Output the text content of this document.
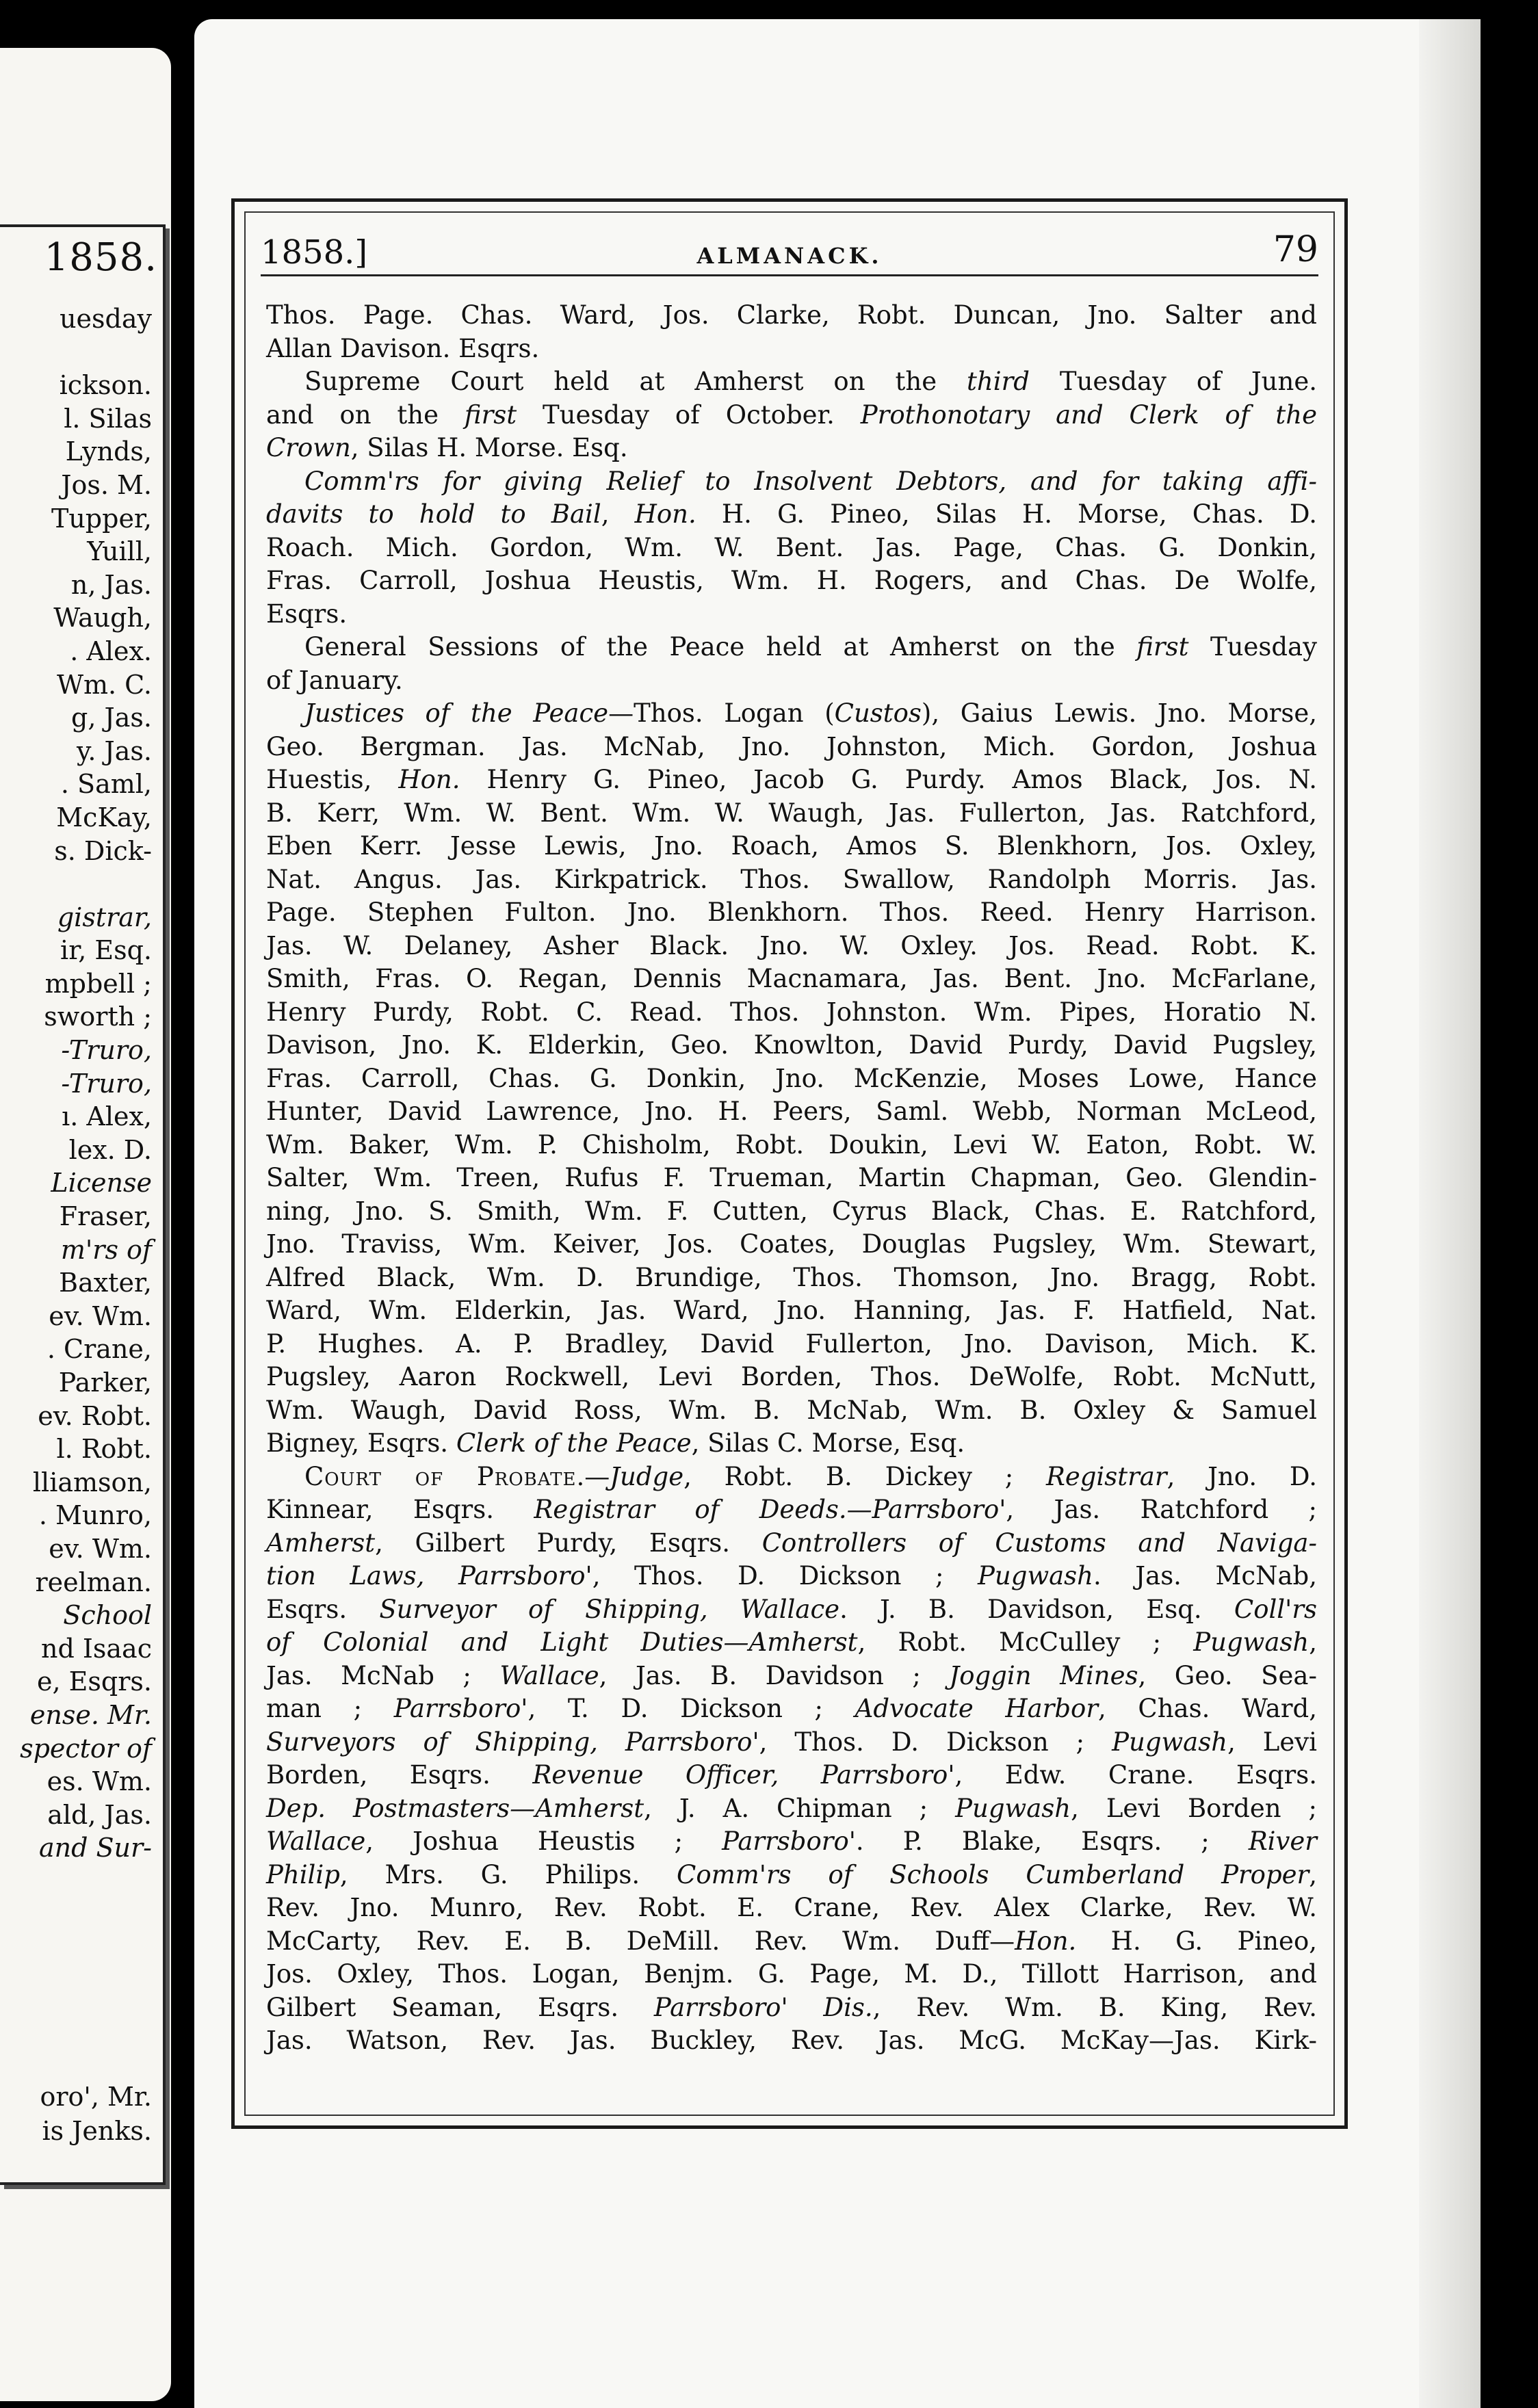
1858.
uesday
ickson.
l. Silas
Lynds,
Jos. M.
Tupper,
Yuill,
n, Jas.
Waugh,
. Alex.
Wm. C.
g, Jas.
y. Jas.
. Saml,
McKay,
s. Dick-
gistrar,
ir, Esq.
mpbell ;
sworth ;
-Truro,
-Truro,
ı. Alex,
lex. D.
License
Fraser,
m'rs of
Baxter,
ev. Wm.
. Crane,
Parker,
ev. Robt.
l. Robt.
lliamson,
. Munro,
ev. Wm.
reelman.
School
nd Isaac
e, Esqrs.
ense. Mr.
spector of
es. Wm.
ald, Jas.
and Sur-
oro', Mr.
is Jenks.
1858.]	ALMANACK.	79
Thos. Page. Chas. Ward, Jos. Clarke, Robt. Duncan, Jno. Salter and
Allan Davison. Esqrs.
Supreme Court held at Amherst on the third Tuesday of June.
and on the first Tuesday of October. Prothonotary and Clerk of the
Crown, Silas H. Morse. Esq.
Comm'rs for giving Relief to Insolvent Debtors, and for taking affi-
davits to hold to Bail, Hon. H. G. Pineo, Silas H. Morse, Chas. D.
Roach. Mich. Gordon, Wm. W. Bent. Jas. Page, Chas. G. Donkin,
Fras. Carroll, Joshua Heustis, Wm. H. Rogers, and Chas. De Wolfe,
Esqrs.
General Sessions of the Peace held at Amherst on the first Tuesday
of January.
Justices of the Peace—Thos. Logan (Custos), Gaius Lewis. Jno. Morse,
Geo. Bergman. Jas. McNab, Jno. Johnston, Mich. Gordon, Joshua
Huestis, Hon. Henry G. Pineo, Jacob G. Purdy. Amos Black, Jos. N.
B. Kerr, Wm. W. Bent. Wm. W. Waugh, Jas. Fullerton, Jas. Ratchford,
Eben Kerr. Jesse Lewis, Jno. Roach, Amos S. Blenkhorn, Jos. Oxley,
Nat. Angus. Jas. Kirkpatrick. Thos. Swallow, Randolph Morris. Jas.
Page. Stephen Fulton. Jno. Blenkhorn. Thos. Reed. Henry Harrison.
Jas. W. Delaney, Asher Black. Jno. W. Oxley. Jos. Read. Robt. K.
Smith, Fras. O. Regan, Dennis Macnamara, Jas. Bent. Jno. McFarlane,
Henry Purdy, Robt. C. Read. Thos. Johnston. Wm. Pipes, Horatio N.
Davison, Jno. K. Elderkin, Geo. Knowlton, David Purdy, David Pugsley,
Fras. Carroll, Chas. G. Donkin, Jno. McKenzie, Moses Lowe, Hance
Hunter, David Lawrence, Jno. H. Peers, Saml. Webb, Norman McLeod,
Wm. Baker, Wm. P. Chisholm, Robt. Doukin, Levi W. Eaton, Robt. W.
Salter, Wm. Treen, Rufus F. Trueman, Martin Chapman, Geo. Glendin-
ning, Jno. S. Smith, Wm. F. Cutten, Cyrus Black, Chas. E. Ratchford,
Jno. Traviss, Wm. Keiver, Jos. Coates, Douglas Pugsley, Wm. Stewart,
Alfred Black, Wm. D. Brundige, Thos. Thomson, Jno. Bragg, Robt.
Ward, Wm. Elderkin, Jas. Ward, Jno. Hanning, Jas. F. Hatfield, Nat.
P. Hughes. A. P. Bradley, David Fullerton, Jno. Davison, Mich. K.
Pugsley, Aaron Rockwell, Levi Borden, Thos. DeWolfe, Robt. McNutt,
Wm. Waugh, David Ross, Wm. B. McNab, Wm. B. Oxley & Samuel
Bigney, Esqrs. Clerk of the Peace, Silas C. Morse, Esq.
Court of Probate.—Judge, Robt. B. Dickey ; Registrar, Jno. D.
Kinnear, Esqrs. Registrar of Deeds.—Parrsboro', Jas. Ratchford ;
Amherst, Gilbert Purdy, Esqrs. Controllers of Customs and Naviga-
tion Laws, Parrsboro', Thos. D. Dickson ; Pugwash. Jas. McNab,
Esqrs. Surveyor of Shipping, Wallace. J. B. Davidson, Esq. Coll'rs
of Colonial and Light Duties—Amherst, Robt. McCulley ; Pugwash,
Jas. McNab ; Wallace, Jas. B. Davidson ; Joggin Mines, Geo. Sea-
man ; Parrsboro', T. D. Dickson ; Advocate Harbor, Chas. Ward,
Surveyors of Shipping, Parrsboro', Thos. D. Dickson ; Pugwash, Levi
Borden, Esqrs. Revenue Officer, Parrsboro', Edw. Crane. Esqrs.
Dep. Postmasters—Amherst, J. A. Chipman ; Pugwash, Levi Borden ;
Wallace, Joshua Heustis ; Parrsboro'. P. Blake, Esqrs. ; River
Philip, Mrs. G. Philips. Comm'rs of Schools Cumberland Proper,
Rev. Jno. Munro, Rev. Robt. E. Crane, Rev. Alex Clarke, Rev. W.
McCarty, Rev. E. B. DeMill. Rev. Wm. Duff—Hon. H. G. Pineo,
Jos. Oxley, Thos. Logan, Benjm. G. Page, M. D., Tillott Harrison, and
Gilbert Seaman, Esqrs. Parrsboro' Dis., Rev. Wm. B. King, Rev.
Jas. Watson, Rev. Jas. Buckley, Rev. Jas. McG. McKay—Jas. Kirk-
